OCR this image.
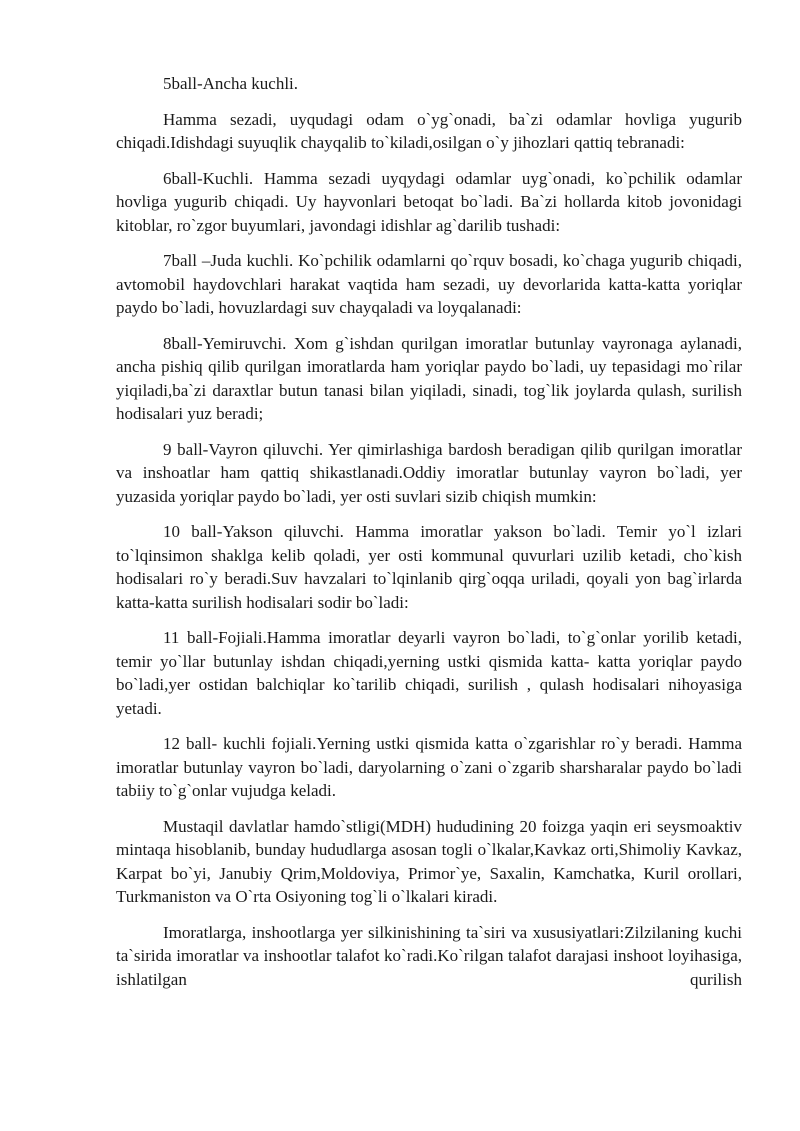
5ball-Ancha kuchli.

Hamma sezadi, uyqudagi odam o`yg`onadi, ba`zi odamlar hovliga yugurib chiqadi.Idishdagi suyuqlik chayqalib to`kiladi,osilgan o`y jihozlari qattiq tebranadi:

6ball-Kuchli. Hamma sezadi uyqydagi odamlar uyg`onadi, ko`pchilik odamlar hovliga yugurib chiqadi. Uy hayvonlari betoqat bo`ladi. Ba`zi hollarda kitob jovonidagi kitoblar, ro`zgor buyumlari, javondagi idishlar ag`darilib tushadi:

7ball –Juda kuchli. Ko`pchilik odamlarni qo`rquv bosadi, ko`chaga yugurib chiqadi, avtomobil haydovchlari harakat vaqtida ham sezadi, uy devorlarida katta-katta yoriqlar paydo bo`ladi, hovuzlardagi suv chayqaladi va loyqalanadi:

8ball-Yemiruvchi. Xom g`ishdan qurilgan imoratlar butunlay vayronaga aylanadi, ancha pishiq qilib qurilgan imoratlarda ham yoriqlar paydo bo`ladi, uy tepasidagi mo`rilar yiqiladi,ba`zi daraxtlar butun tanasi bilan yiqiladi, sinadi, tog`lik joylarda qulash, surilish hodisalari yuz beradi;

9 ball-Vayron qiluvchi. Yer qimirlashiga bardosh beradigan qilib qurilgan imoratlar va inshoatlar ham qattiq shikastlanadi.Oddiy imoratlar butunlay vayron bo`ladi, yer yuzasida yoriqlar paydo bo`ladi, yer osti suvlari sizib chiqish mumkin:

10 ball-Yakson qiluvchi. Hamma imoratlar yakson bo`ladi. Temir yo`l izlari to`lqinsimon shaklga kelib qoladi, yer osti kommunal quvurlari uzilib ketadi, cho`kish hodisalari ro`y beradi.Suv havzalari to`lqinlanib qirg`oqqa uriladi, qoyali yon bag`irlarda katta-katta surilish hodisalari sodir bo`ladi:

11 ball-Fojiali.Hamma imoratlar deyarli vayron bo`ladi, to`g`onlar yorilib ketadi, temir yo`llar butunlay ishdan chiqadi,yerning ustki qismida katta- katta yoriqlar paydo bo`ladi,yer ostidan balchiqlar ko`tarilib chiqadi, surilish , qulash hodisalari nihoyasiga yetadi.

12 ball- kuchli fojiali.Yerning ustki qismida katta o`zgarishlar ro`y beradi. Hamma imoratlar butunlay vayron bo`ladi, daryolarning o`zani o`zgarib sharsharalar paydo bo`ladi tabiiy to`g`onlar vujudga keladi.

Mustaqil davlatlar hamdo`stligi(MDH) hududining 20 foizga yaqin eri seysmoaktiv mintaqa hisoblanib, bunday hududlarga asosan togli o`lkalar,Kavkaz orti,Shimoliy Kavkaz, Karpat bo`yi, Janubiy Qrim,Moldoviya, Primor`ye, Saxalin, Kamchatka, Kuril orollari, Turkmaniston va O`rta Osiyoning tog`li o`lkalari kiradi.

Imoratlarga, inshootlarga yer silkinishining ta`siri va xususiyatlari:Zilzilaning kuchi ta`sirida imoratlar va inshootlar talafot ko`radi.Ko`rilgan talafot darajasi inshoot loyihasiga, ishlatilgan qurilish
